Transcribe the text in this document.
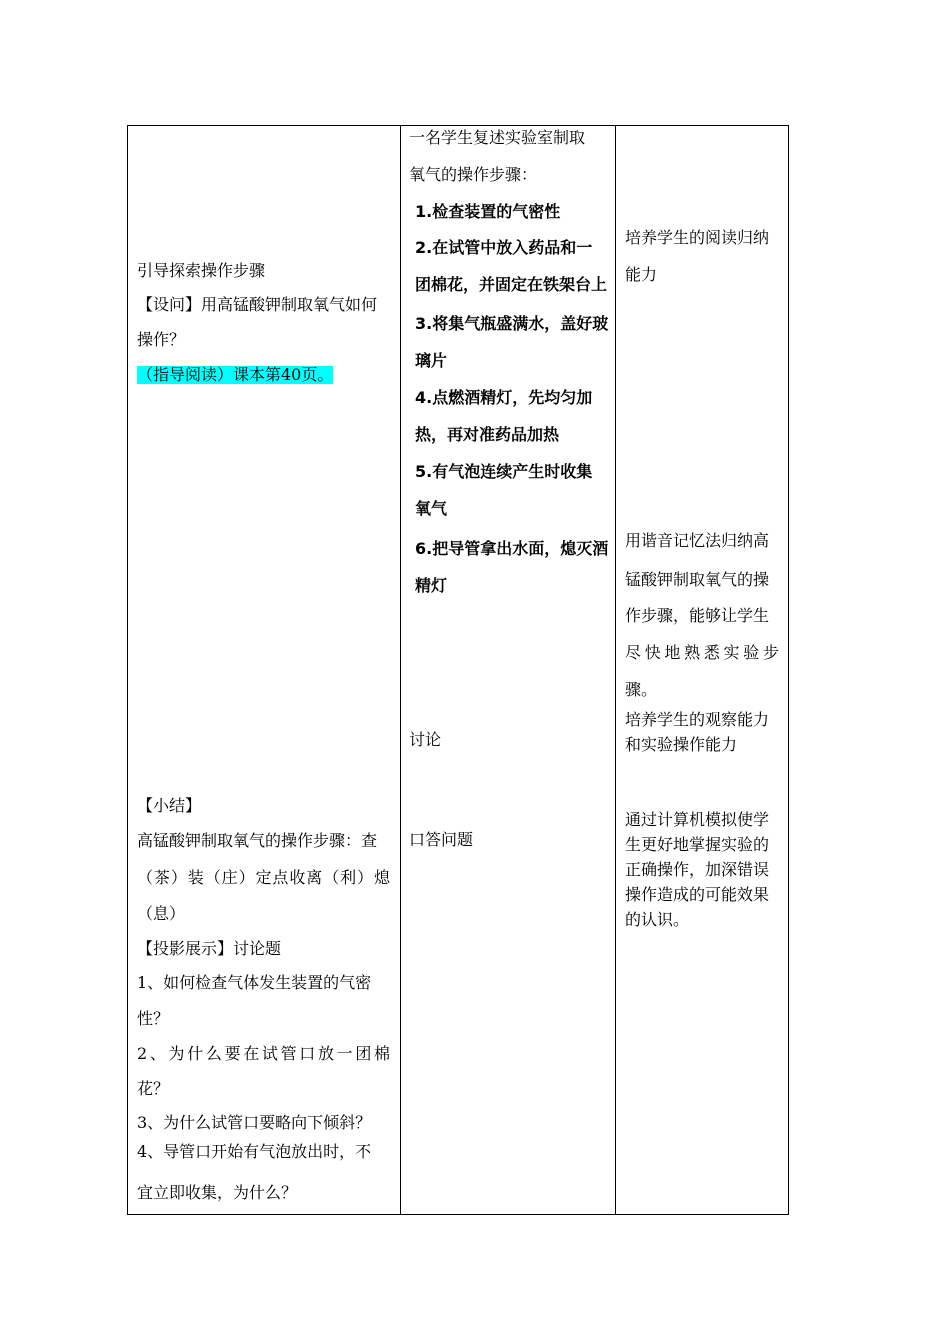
引导探索操作步骤
【设问】用高锰酸钾制取氧气如何
操作？
（指导阅读）课本第40页。
【小结】
高锰酸钾制取氧气的操作步骤：查
（茶）装（庄）定点收离（利）熄
（息）
【投影展示】讨论题
1、如何检查气体发生装置的气密
性？
2、为什么要在试管口放一团棉
花？
3、为什么试管口要略向下倾斜？
4、导管口开始有气泡放出时，不
宜立即收集，为什么？
一名学生复述实验室制取
氧气的操作步骤：
1.检查装置的气密性
2.在试管中放入药品和一
团棉花，并固定在铁架台上
3.将集气瓶盛满水，盖好玻
璃片
4.点燃酒精灯，先均匀加
热，再对准药品加热
5.有气泡连续产生时收集
氧气
6.把导管拿出水面，熄灭酒
精灯
讨论
口答问题
培养学生的阅读归纳
能力
用谐音记忆法归纳高
锰酸钾制取氧气的操
作步骤，能够让学生
尽快地熟悉实验步
骤。
培养学生的观察能力
和实验操作能力
通过计算机模拟使学
生更好地掌握实验的
正确操作，加深错误
操作造成的可能效果
的认识。
